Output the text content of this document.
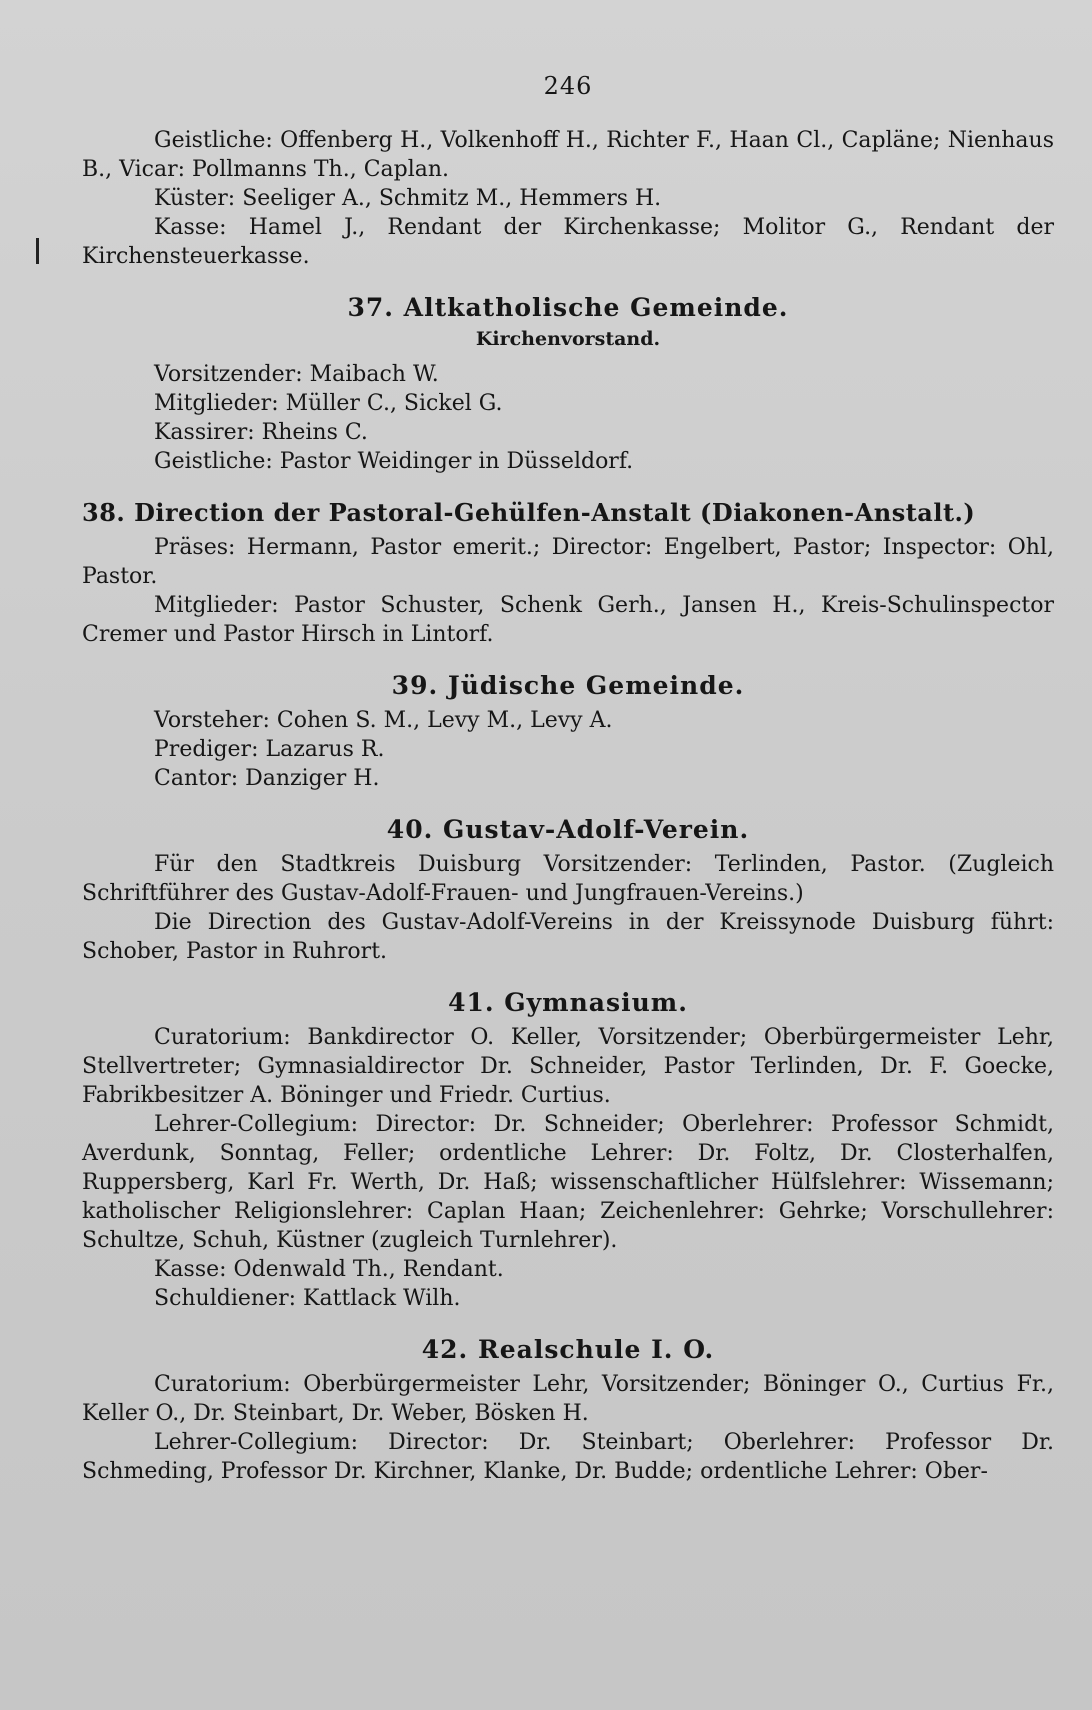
246

Geistliche: Offenberg H., Volkenhoff H., Richter F., Haan Cl., Capläne; Nienhaus B., Vicar: Pollmanns Th., Caplan.

Küster: Seeliger A., Schmitz M., Hemmers H.

Kasse: Hamel J., Rendant der Kirchenkasse; Molitor G., Rendant der Kirchensteuerkasse.

37. Altkatholische Gemeinde.
Kirchenvorstand.

Vorsitzender: Maibach W.

Mitglieder: Müller C., Sickel G.

Kassirer: Rheins C.

Geistliche: Pastor Weidinger in Düsseldorf.

38. Direction der Pastoral-Gehülfen-Anstalt (Diakonen-Anstalt.)

Präses: Hermann, Pastor emerit.; Director: Engelbert, Pastor; Inspector: Ohl, Pastor.

Mitglieder: Pastor Schuster, Schenk Gerh., Jansen H., Kreis-Schulinspector Cremer und Pastor Hirsch in Lintorf.

39. Jüdische Gemeinde.

Vorsteher: Cohen S. M., Levy M., Levy A.

Prediger: Lazarus R.

Cantor: Danziger H.

40. Gustav-Adolf-Verein.

Für den Stadtkreis Duisburg Vorsitzender: Terlinden, Pastor. (Zugleich Schriftführer des Gustav-Adolf-Frauen- und Jungfrauen-Vereins.)

Die Direction des Gustav-Adolf-Vereins in der Kreissynode Duisburg führt: Schober, Pastor in Ruhrort.

41. Gymnasium.

Curatorium: Bankdirector O. Keller, Vorsitzender; Oberbürgermeister Lehr, Stellvertreter; Gymnasialdirector Dr. Schneider, Pastor Terlinden, Dr. F. Goecke, Fabrikbesitzer A. Böninger und Friedr. Curtius.

Lehrer-Collegium: Director: Dr. Schneider; Oberlehrer: Professor Schmidt, Averdunk, Sonntag, Feller; ordentliche Lehrer: Dr. Foltz, Dr. Closterhalfen, Ruppersberg, Karl Fr. Werth, Dr. Haß; wissenschaftlicher Hülfslehrer: Wissemann; katholischer Religionslehrer: Caplan Haan; Zeichenlehrer: Gehrke; Vorschullehrer: Schultze, Schuh, Küstner (zugleich Turnlehrer).

Kasse: Odenwald Th., Rendant.

Schuldiener: Kattlack Wilh.

42. Realschule I. O.

Curatorium: Oberbürgermeister Lehr, Vorsitzender; Böninger O., Curtius Fr., Keller O., Dr. Steinbart, Dr. Weber, Bösken H.

Lehrer-Collegium: Director: Dr. Steinbart; Oberlehrer: Professor Dr. Schmeding, Professor Dr. Kirchner, Klanke, Dr. Budde; ordentliche Lehrer: Ober-
